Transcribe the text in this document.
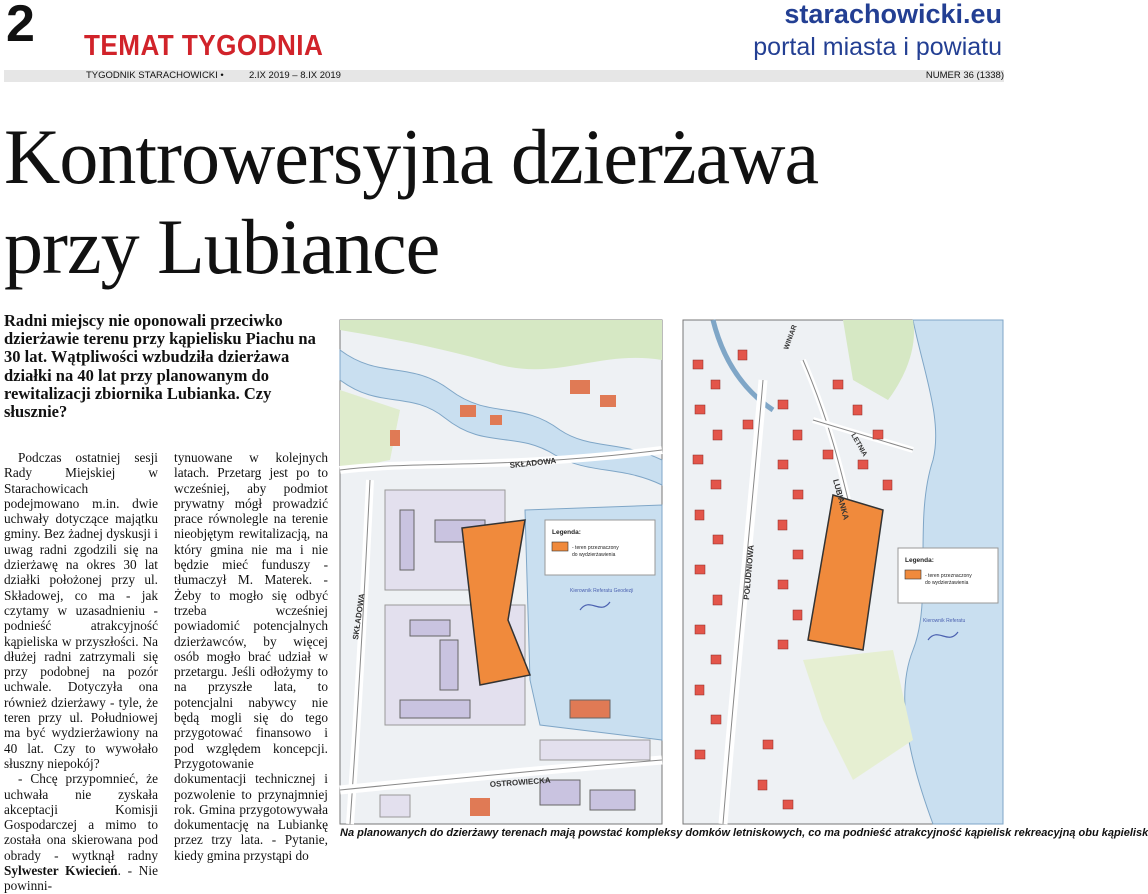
2 TEMAT TYGODNIA
starachowicki.eu
portal miasta i powiatu
TYGODNIK STARACHOWICKI •	2.IX 2019 – 8.IX 2019	NUMER 36 (1338)
Kontrowersyjna dzierżawa
przy Lubiance
Radni miejscy nie oponowali przeciwko dzierżawie terenu przy kąpielisku Piachu na 30 lat. Wątpliwości wzbudziła dzierżawa działki na 40 lat przy planowanym do rewitalizacji zbiornika Lubianka. Czy słusznie?

Podczas ostatniej sesji Rady Miejskiej w Starachowicach podejmowano m.in. dwie uchwały dotyczące majątku gminy. Bez żadnej dyskusji i uwag radni zgodzili się na dzierżawę na okres 30 lat działki położonej przy ul. Składowej, co ma - jak czytamy w uzasadnieniu - podnieść atrakcyjność kąpieliska w przyszłości. Na dłużej radni zatrzymali się przy podobnej na pozór uchwale. Dotyczyła ona również dzierżawy - tyle, że teren przy ul. Południowej ma być wydzierżawiony na 40 lat. Czy to wywołało słuszny niepokój?

- Chcę przypomnieć, że uchwała nie zyskała akceptacji Komisji Gospodarczej a mimo to została ona skierowana pod obrady - wytknął radny Sylwester Kwiecień. - Nie powinni-

tynuowane w kolejnych latach. Przetarg jest po to wcześniej, aby podmiot prywatny mógł prowadzić prace równolegle na terenie nieobjętym rewitalizacją, na który gmina nie ma i nie będzie mieć funduszy - tłumaczył M. Materek. - Żeby to mogło się odbyć trzeba wcześniej powiadomić potencjalnych dzierżawców, by więcej osób mogło brać udział w przetargu. Jeśli odłożymy to na przyszłe lata, to potencjalni nabywcy nie będą mogli się do tego przygotować finansowo i pod względem koncepcji. Przygotowanie dokumentacji technicznej i pozwolenie to przynajmniej rok. Gmina przygotowywała dokumentację na Lubiankę przez trzy lata. - Pytanie, kiedy gmina przystąpi do

Legenda:
- teren przeznaczony
do wydzierżawienia
Kierownik Referatu Geodezji
SKŁADOWA
SKŁADOWA
OSTROWIECKA
Legenda:
- teren przeznaczony
do wydzierżawienia
Kierownik Referatu
POŁUDNIOWA
LUBIANKA
LETNIA
WINIAR
Na planowanych do dzierżawy terenach mają powstać kompleksy domków letniskowych, co ma podnieść atrakcyjność kąpielisk rekreacyjną obu kąpielisk
